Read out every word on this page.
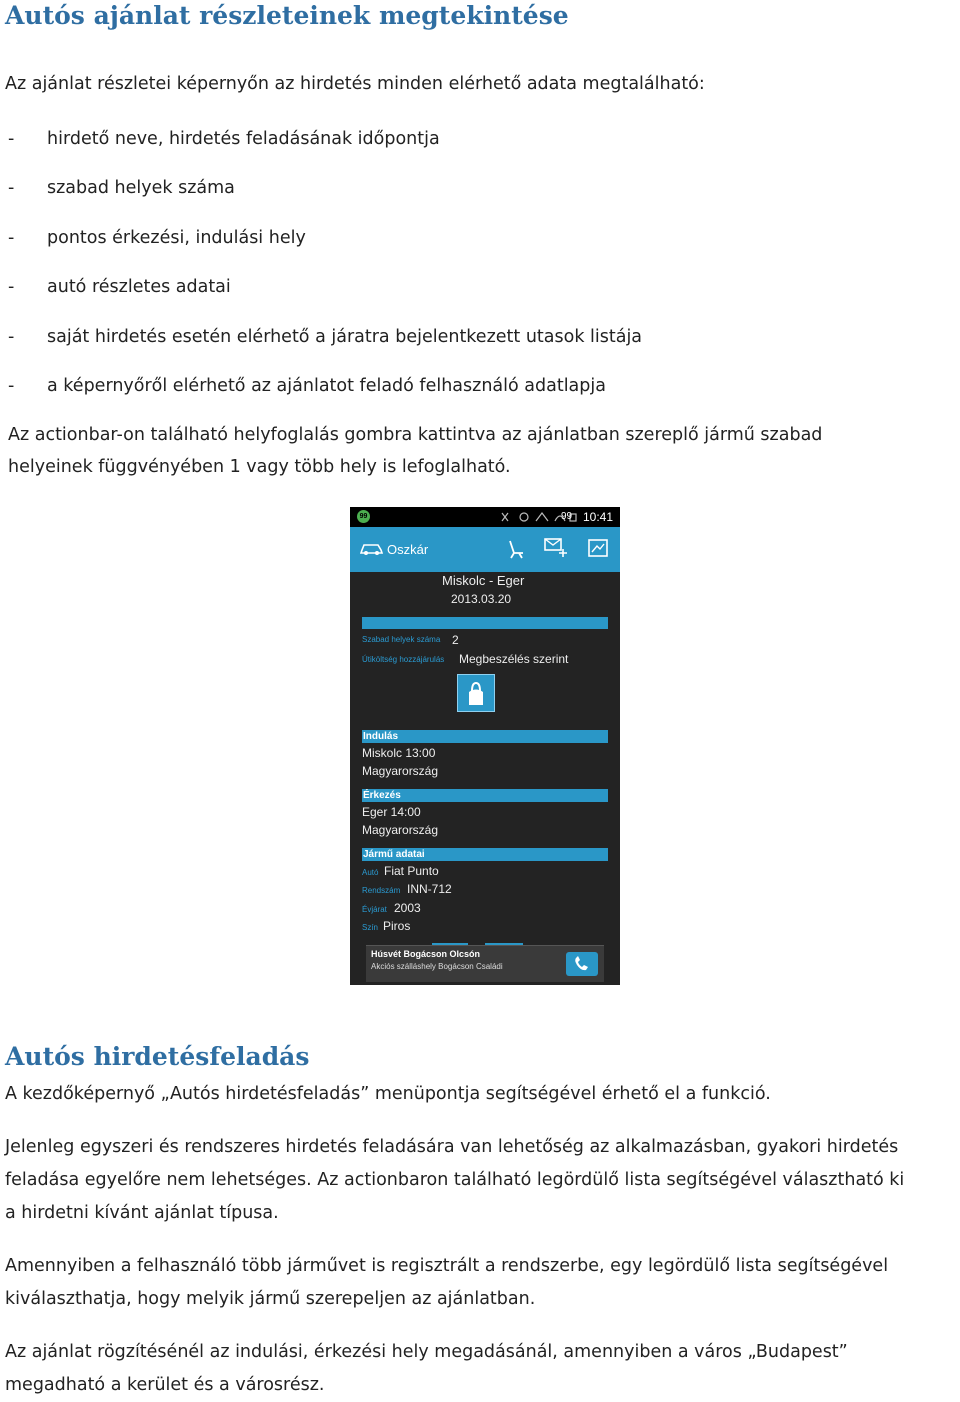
Autós ajánlat részleteinek megtekintése

Az ajánlat részletei képernyőn az hirdetés minden elérhető adata megtalálható:

- hirdető neve, hirdetés feladásának időpontja
- szabad helyek száma
- pontos érkezési, indulási hely
- autó részletes adatai
- saját hirdetés esetén elérhető a járatra bejelentkezett utasok listája
- a képernyőről elérhető az ajánlatot feladó felhasználó adatlapja

Az actionbar-on található helyfoglalás gombra kattintva az ajánlatban szereplő jármű szabad

helyeinek függvényében 1 vagy több hely is lefoglalható.

99	99 10:41
Oszkár
Miskolc - Eger
2013.03.20
Szabad helyek száma 2
Útiköltség hozzájárulás Megbeszélés szerint
Indulás
Miskolc 13:00
Magyarország
Érkezés
Eger 14:00
Magyarország
Jármű adatai
Autó Fiat Punto
Rendszám INN-712
Évjárat 2003
Szín Piros
Húsvét Bogácson Olcsón
Akciós szálláshely Bogácson Családi
Autós hirdetésfeladás

A kezdőképernyő „Autós hirdetésfeladás” menüpontja segítségével érhető el a funkció.

Jelenleg egyszeri és rendszeres hirdetés feladására van lehetőség az alkalmazásban, gyakori hirdetés

feladása egyelőre nem lehetséges. Az actionbaron található legördülő lista segítségével választható ki

a hirdetni kívánt ajánlat típusa.

Amennyiben a felhasználó több járművet is regisztrált a rendszerbe, egy legördülő lista segítségével

kiválaszthatja, hogy melyik jármű szerepeljen az ajánlatban.

Az ajánlat rögzítésénél az indulási, érkezési hely megadásánál, amennyiben a város „Budapest”

megadható a kerület és a városrész.
